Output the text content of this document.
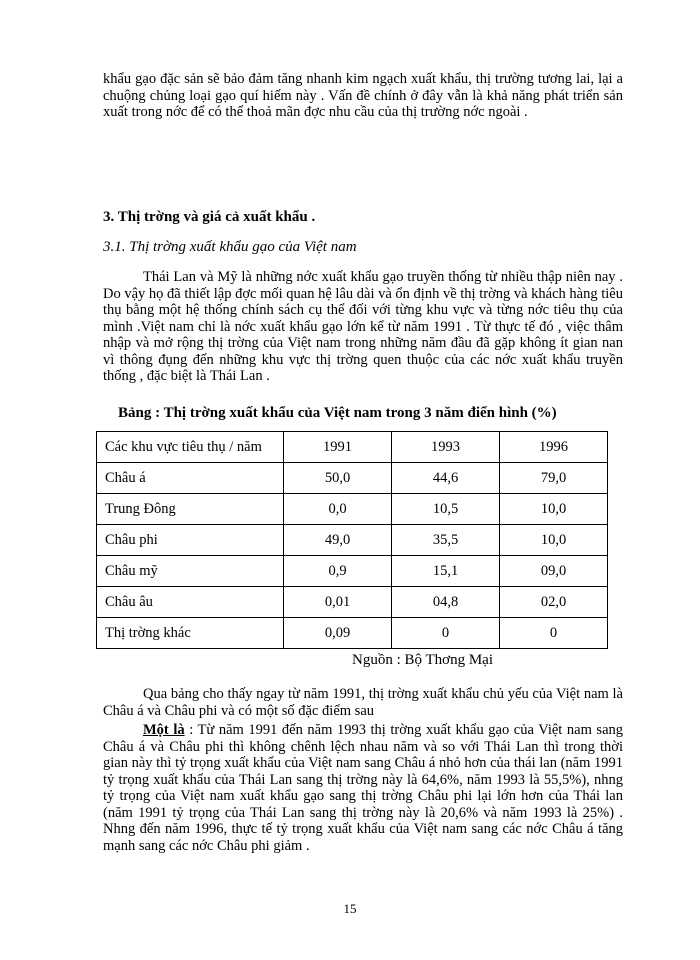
khẩu gạo đặc sản sẽ bảo đảm tăng nhanh kim ngạch xuất khẩu, thị trường tương lai, lại a chuộng chủng loại gạo quí hiếm này . Vấn đề chính ở đây vẫn là khả năng phát triển sản xuất trong nớc để có thể thoả mãn đợc nhu cầu của thị trường nớc ngoài .

3. Thị trờng và giá cả xuất khẩu .

3.1. Thị trờng xuất khẩu gạo của Việt nam

Thái Lan và Mỹ là những nớc xuất khẩu gạo truyền thống từ nhiều thập niên nay . Do vậy họ đã thiết lập đợc mối quan hệ lâu dài và ổn định về thị trờng và khách hàng tiêu thụ bằng một hệ thống chính sách cụ thể đối với từng khu vực và từng nớc tiêu thụ của mình .Việt nam chỉ là nớc xuất khẩu gạo lớn kể từ năm 1991 . Từ thực tế đó , việc thâm nhập và mở rộng thị trờng của Việt nam trong những năm đầu đã gặp không ít gian nan vì thông đụng đến những khu vực thị trờng quen thuộc của các nớc xuất khẩu truyền thống , đặc biệt là Thái Lan .

Bảng : Thị trờng xuất khẩu của Việt nam trong 3 năm điển hình (%)
Các khu vực tiêu thụ / năm	1991	1993	1996
Châu á	50,0	44,6	79,0
Trung Đông	0,0	10,5	10,0
Châu phi	49,0	35,5	10,0
Châu mỹ	0,9	15,1	09,0
Châu âu	0,01	04,8	02,0
Thị trờng khác	0,09	0	0
Nguồn : Bộ Thơng Mại

Qua bảng cho thấy ngay từ năm 1991, thị trờng xuất khẩu chủ yếu của Việt nam là Châu á và Châu phi và có một số đặc điểm sau

Một là : Từ năm 1991 đến năm 1993 thị trờng xuất khẩu gạo của Việt nam sang Châu á và Châu phi thì không chênh lệch nhau năm và so với Thái Lan thì trong thời gian này thì tỷ trọng xuất khẩu của Việt nam sang Châu á nhỏ hơn của thái lan (năm 1991 tỷ trọng xuất khẩu của Thái Lan sang thị trờng này là 64,6%, năm 1993 là 55,5%), nhng tỷ trọng của Việt nam xuất khẩu gạo sang thị trờng Châu phi lại lớn hơn của Thái lan (năm 1991 tỷ trọng của Thái Lan sang thị trờng này là 20,6% và năm 1993 là 25%) . Nhng đến năm 1996, thực tế tỷ trọng xuất khẩu của Việt nam sang các nớc Châu á tăng mạnh sang các nớc Châu phi giảm .

15
